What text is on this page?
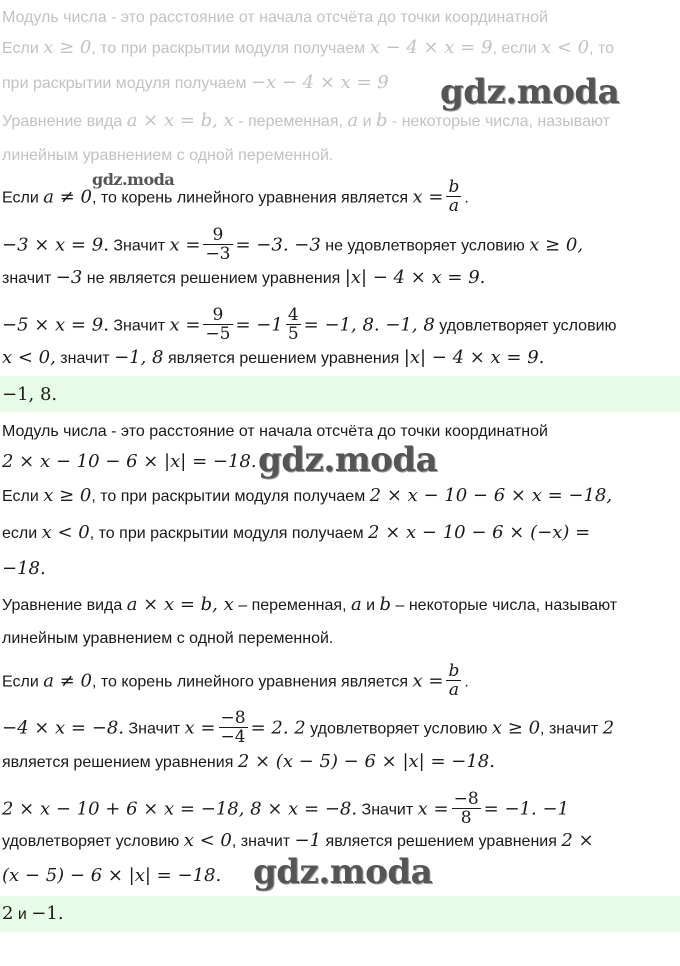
Модуль числа - это расстояние от начала отсчёта до точки координатной
Если x ≥ 0, то при раскрытии модуля получаем x − 4 × x = 9, если x < 0, то
при раскрытии модуля получаем −x − 4 × x = 9
Уравнение вида a × x = b, x - переменная, a и b - некоторые числа, называют
линейным уравнением с одной переменной.
Если a ≠ 0, то корень линейного уравнения является $x = \frac{b}{a}$ .
−3 × x = 9. Значит $x = \frac{9}{-3} = -3$. −3 не удовлетворяет условию x ≥ 0,
значит −3 не является решением уравнения |x| − 4 × x = 9.
−5 × x = 9. Значит $x = \frac{9}{-5} = -1 \frac{4}{5} = -1$, 8. −1, 8 удовлетворяет условию
x < 0, значит −1, 8 является решением уравнения |x| − 4 × x = 9.
−1, 8.
Модуль числа - это расстояние от начала отсчёта до точки координатной
2 × x − 10 − 6 × |x| = −18.
Если x ≥ 0, то при раскрытии модуля получаем 2 × x − 10 − 6 × x = −18,
если x < 0, то при раскрытии модуля получаем 2 × x − 10 − 6 × (−x) =
−18.
Уравнение вида a × x = b, x – переменная, a и b – некоторые числа, называют
линейным уравнением с одной переменной.
Если a ≠ 0, то корень линейного уравнения является $x = \frac{b}{a}$ .
−4 × x = −8. Значит $x = \frac{-8}{-4} = 2$. 2 удовлетворяет условию x ≥ 0, значит 2
является решением уравнения 2 × (x − 5) − 6 × |x| = −18.
2 × x − 10 + 6 × x = −18, 8 × x = −8. Значит $x = \frac{-8}{8} = -1$. −1
удовлетворяет условию x < 0, значит −1 является решением уравнения 2 ×
(x − 5) − 6 × |x| = −18.
2 и −1.
gdz.moda
gdz.moda
gdz.moda
gdz.moda
